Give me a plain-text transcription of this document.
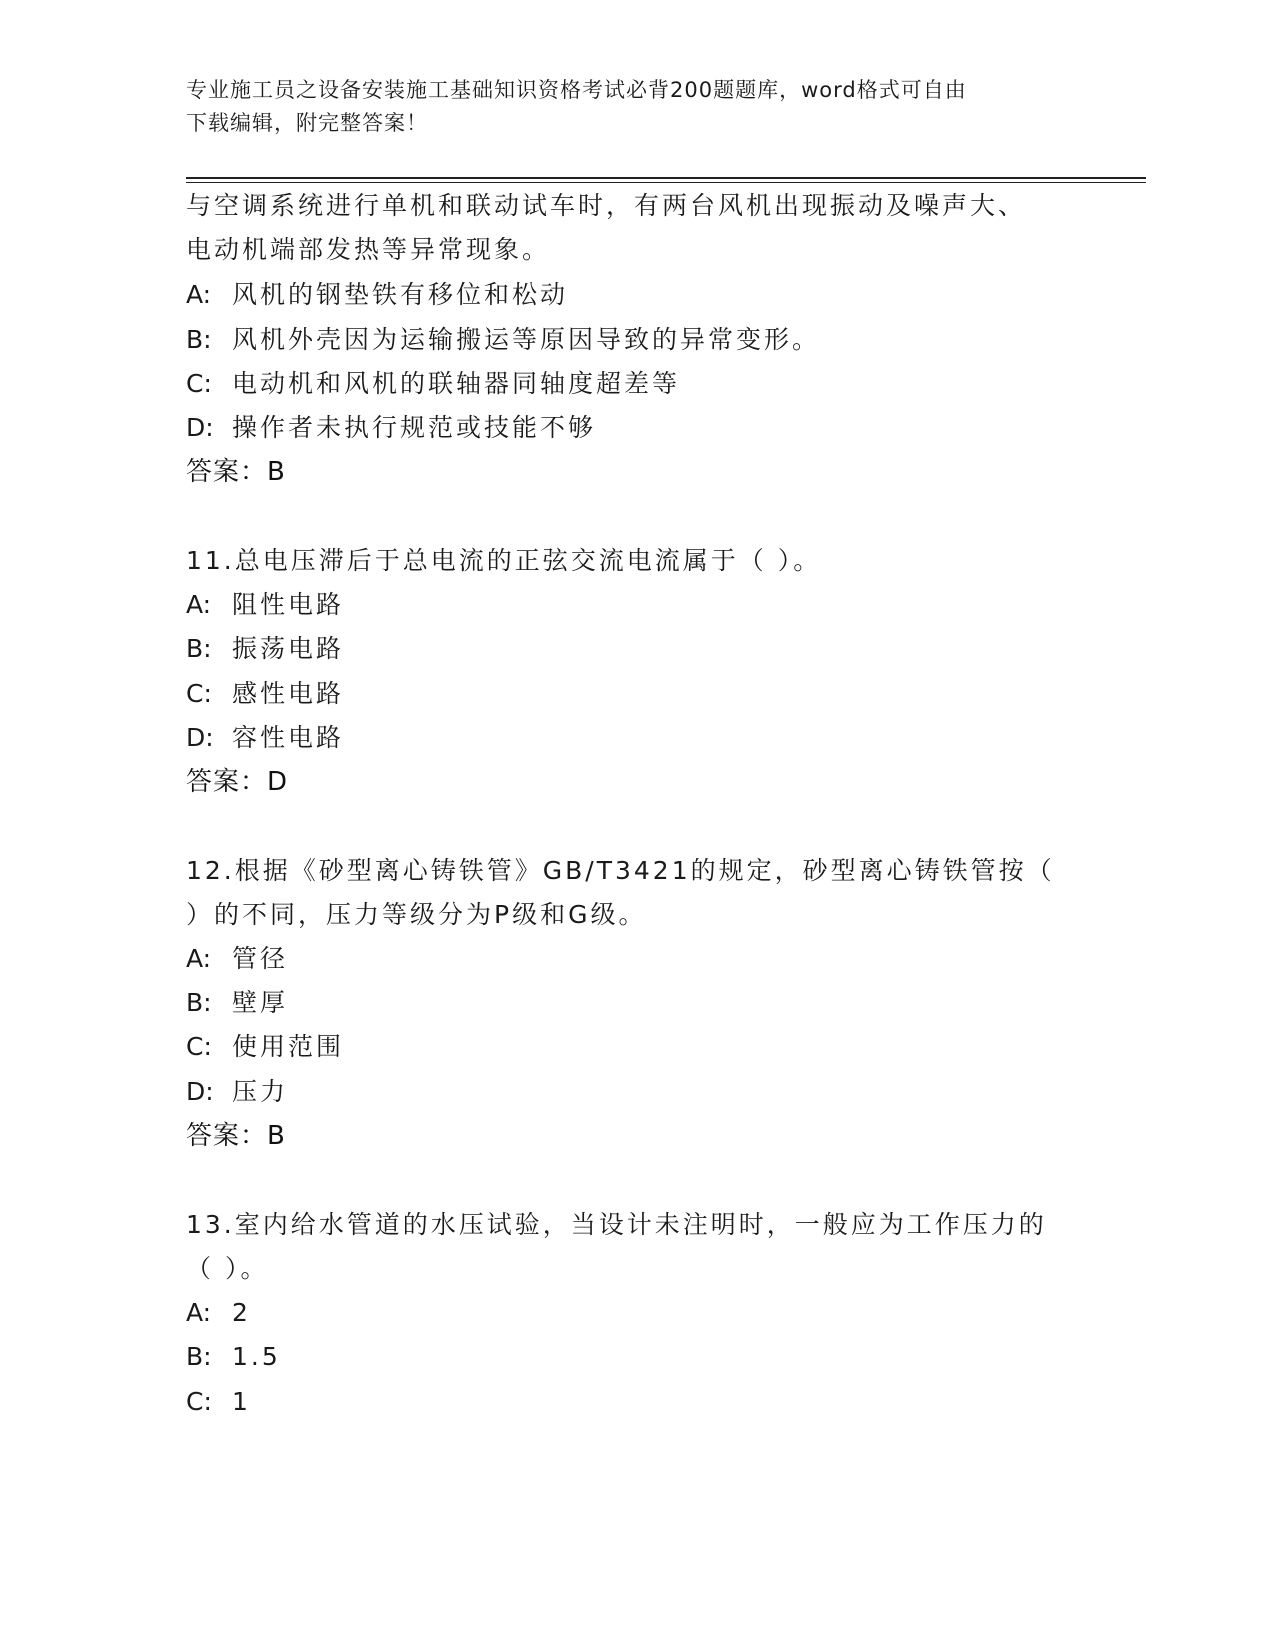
专业施工员之设备安装施工基础知识资格考试必背200题题库，word格式可自由
下载编辑，附完整答案！
与空调系统进行单机和联动试车时，有两台风机出现振动及噪声大、
电动机端部发热等异常现象。
A: 风机的钢垫铁有移位和松动
B: 风机外壳因为运输搬运等原因导致的异常变形。
C: 电动机和风机的联轴器同轴度超差等
D: 操作者未执行规范或技能不够
答案：B
11.总电压滞后于总电流的正弦交流电流属于（ ）。
A: 阻性电路
B: 振荡电路
C: 感性电路
D: 容性电路
答案：D
12.根据《砂型离心铸铁管》GB/T3421的规定，砂型离心铸铁管按（
）的不同，压力等级分为P级和G级。
A: 管径
B: 壁厚
C: 使用范围
D: 压力
答案：B
13.室内给水管道的水压试验，当设计未注明时，一般应为工作压力的
（ ）。
A: 2
B: 1.5
C: 1
